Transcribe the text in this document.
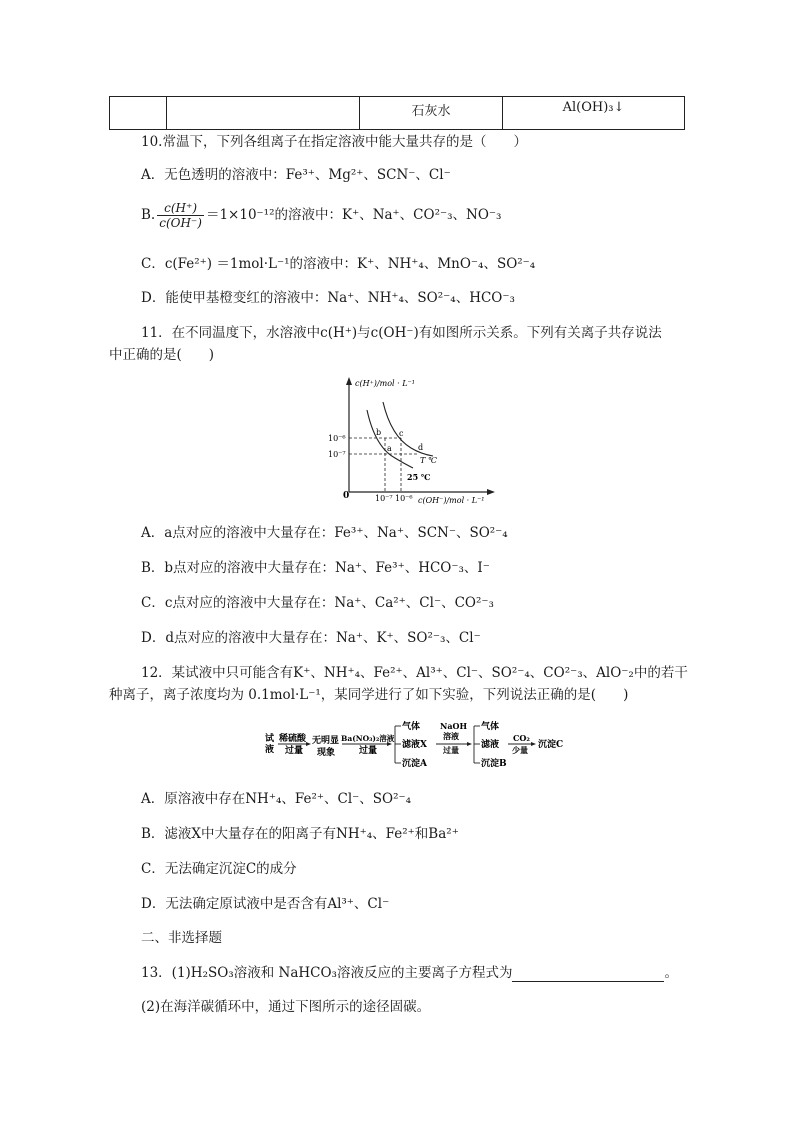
		石灰水	Al(OH)₃↓
10.常温下，下列各组离子在指定溶液中能大量共存的是（　　）
A．无色透明的溶液中：Fe³⁺、Mg²⁺、SCN⁻、Cl⁻
B. $\frac{c(H^+)}{c(OH^-)} =1\times 10^{-12}$的溶液中：K⁺、Na⁺、CO²⁻₃、NO⁻₃
C．c(Fe²⁺) ＝1mol·L⁻¹的溶液中：K⁺、NH⁺₄、MnO⁻₄、SO²⁻₄
D．能使甲基橙变红的溶液中：Na⁺、NH⁺₄、SO²⁻₄、HCO⁻₃
11．在不同温度下，水溶液中c(H⁺)与c(OH⁻)有如图所示关系。下列有关离子共存说法
中正确的是(　　)
c(H⁺)/mol · L⁻¹
c(OH⁻)/mol · L⁻¹
0
10⁻⁶
10⁻⁷
10⁻⁷ 10⁻⁶
b c
a	d
T ℃
25 ℃
A．a点对应的溶液中大量存在：Fe³⁺、Na⁺、SCN⁻、SO²⁻₄
B．b点对应的溶液中大量存在：Na⁺、Fe³⁺、HCO⁻₃、I⁻
C．c点对应的溶液中大量存在：Na⁺、Ca²⁺、Cl⁻、CO²⁻₃
D．d点对应的溶液中大量存在：Na⁺、K⁺、SO²⁻₃、Cl⁻
12．某试液中只可能含有K⁺、NH⁺₄、Fe²⁺、Al³⁺、Cl⁻、SO²⁻₄、CO²⁻₃、AlO⁻₂中的若干
种离子，离子浓度均为 0.1mol·L⁻¹，某同学进行了如下实验，下列说法正确的是(　　)
试
液
稀硫酸
过量
无明显
现象
Ba(NO₃)₂溶液
过量
气体
滤液X
沉淀A
NaOH
溶液
过量
气体
滤液
沉淀B
CO₂
少量 沉淀C
A．原溶液中存在NH⁺₄、Fe²⁺、Cl⁻、SO²⁻₄
B．滤液X中大量存在的阳离子有NH⁺₄、Fe²⁺和Ba²⁺
C．无法确定沉淀C的成分
D．无法确定原试液中是否含有Al³⁺、Cl⁻
二、非选择题
13．(1)H₂SO₃溶液和 NaHCO₃溶液反应的主要离子方程式为	。
(2)在海洋碳循环中，通过下图所示的途径固碳。
